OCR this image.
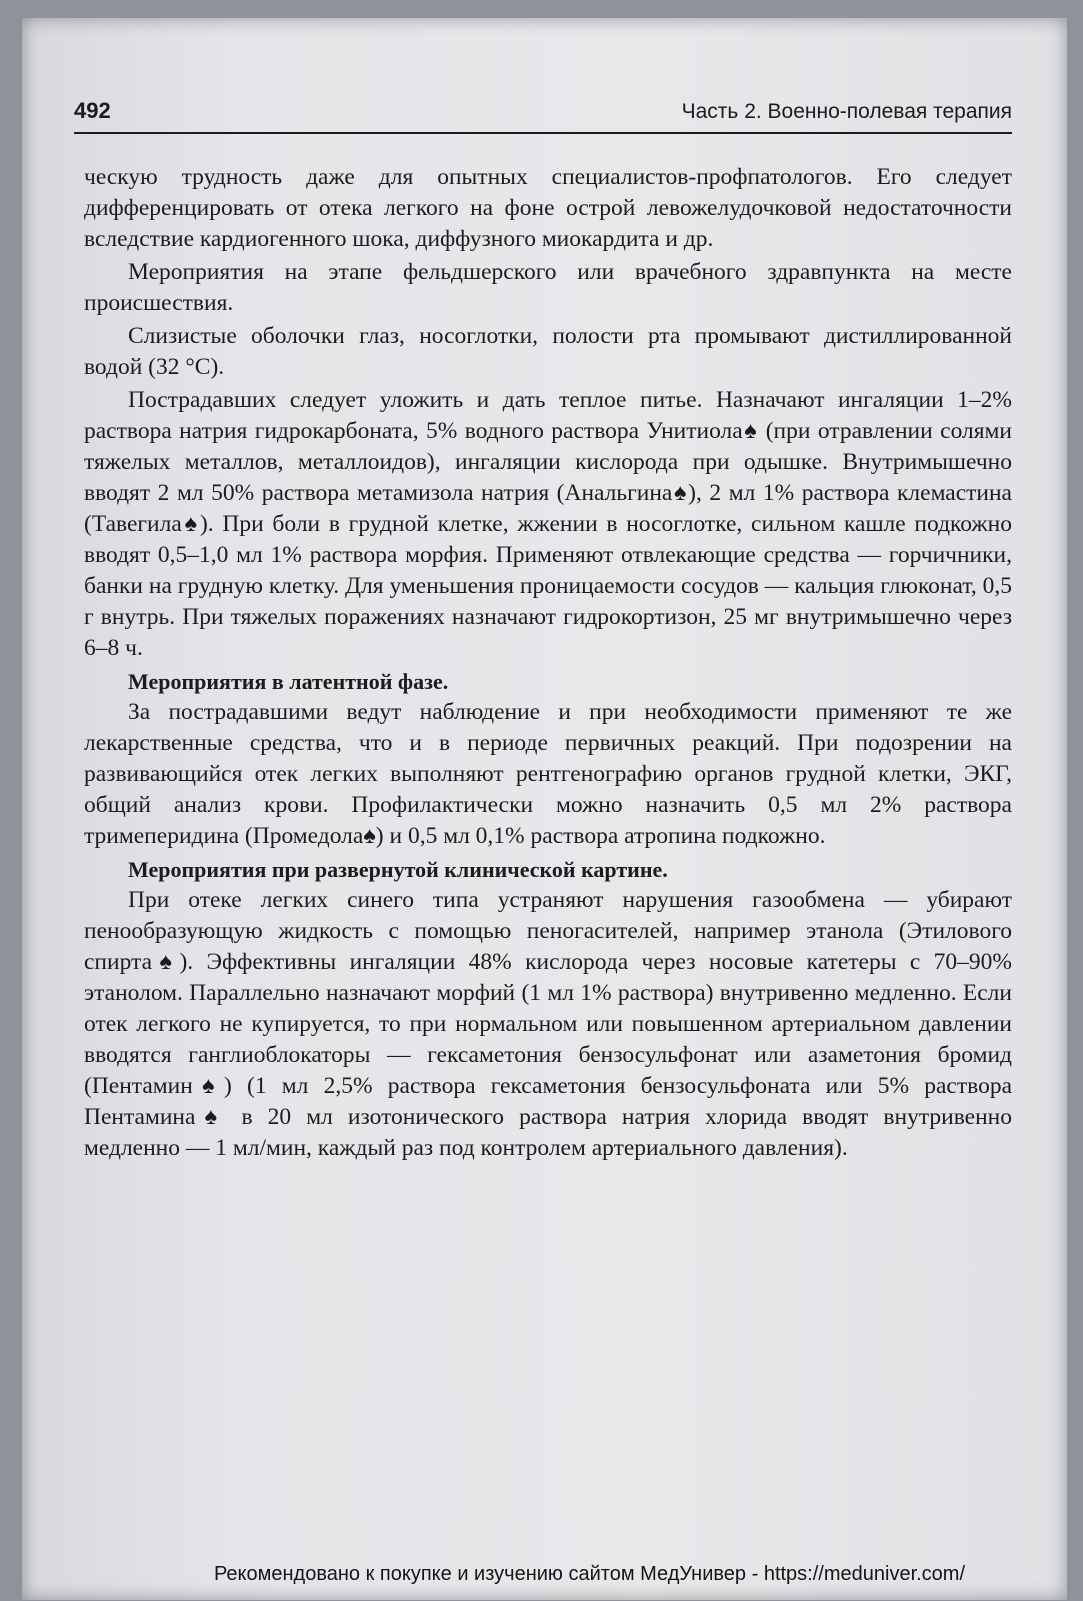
492	Часть 2. Военно-полевая терапия

ческую трудность даже для опытных специалистов-профпатологов. Его следует дифференцировать от отека легкого на фоне острой левожелудочковой недостаточности вследствие кардиогенного шока, диффузного миокардита и др.

Мероприятия на этапе фельдшерского или врачебного здравпункта на месте происшествия.

Слизистые оболочки глаз, носоглотки, полости рта промывают дистиллированной водой (32 °C).

Пострадавших следует уложить и дать теплое питье. Назначают ингаляции 1–2% раствора натрия гидрокарбоната, 5% водного раствора Унитиола♠ (при отравлении солями тяжелых металлов, металлоидов), ингаляции кислорода при одышке. Внутримышечно вводят 2 мл 50% раствора метамизола натрия (Анальгина♠), 2 мл 1% раствора клемастина (Тавегила♠). При боли в грудной клетке, жжении в носоглотке, сильном кашле подкожно вводят 0,5–1,0 мл 1% раствора морфия. Применяют отвлекающие средства — горчичники, банки на грудную клетку. Для уменьшения проницаемости сосудов — кальция глюконат, 0,5 г внутрь. При тяжелых поражениях назначают гидрокортизон, 25 мг внутримышечно через 6–8 ч.

Мероприятия в латентной фазе.

За пострадавшими ведут наблюдение и при необходимости применяют те же лекарственные средства, что и в периоде первичных реакций. При подозрении на развивающийся отек легких выполняют рентгенографию органов грудной клетки, ЭКГ, общий анализ крови. Профилактически можно назначить 0,5 мл 2% раствора тримеперидина (Промедола♠) и 0,5 мл 0,1% раствора атропина подкожно.

Мероприятия при развернутой клинической картине.

При отеке легких синего типа устраняют нарушения газообмена — убирают пенообразующую жидкость с помощью пеногасителей, например этанола (Этилового спирта♠). Эффективны ингаляции 48% кислорода через носовые катетеры с 70–90% этанолом. Параллельно назначают морфий (1 мл 1% раствора) внутривенно медленно. Если отек легкого не купируется, то при нормальном или повышенном артериальном давлении вводятся ганглиоблокаторы — гексаметония бензосульфонат или азаметония бромид (Пентамин♠) (1 мл 2,5% раствора гексаметония бензосульфоната или 5% раствора Пентамина♠ в 20 мл изотонического раствора натрия хлорида вводят внутривенно медленно — 1 мл/мин, каждый раз под контролем артериального давления).

Рекомендовано к покупке и изучению сайтом МедУнивер - https://meduniver.com/
